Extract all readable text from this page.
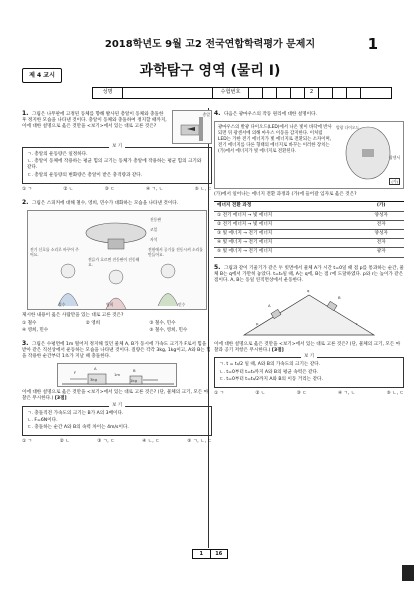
2018학년도 9월 고2 전국연합학력평가 문제지	1
제 4 교시	과학탐구 영역 (물리 Ⅰ)
성명	수험번호	2
1. 그림은 나무판에 고정된 동체를 향해 발사된 총알이 동체와 충돌한 후 정지한 모습을 나타낸 것이다. 충알이 동체와 충돌하여 정지할 때까지, 이에 대한 설명으로 옳은 것만을 <보기>에서 있는 대로 고른 것은?
총알
보 기
ㄱ. 총알의 운동량은 일정하다.
ㄴ. 총알이 동체에 작용하는 평균 힘의 크기는 동체가 총알에 작용하는 평균 힘의 크기와 같다.
ㄷ. 총알의 운동량의 변화량은 총알이 받은 충격량과 같다.
① ㄱ	② ㄴ	③ ㄷ	④ ㄱ, ㄴ	⑤ ㄴ, ㄷ
2. 그림은 스피커에 대해 철수, 영희, 민수가 대화하는 모습을 나타낸 것이다.
진동판
코일
자석
전기 신호를 소리로 바꾸어 주어요.
전류가 흐르면 진동판이 진동해요.
전원에서 공기를 진동시켜 소리를 만들어요.
철수	영희	민수
제시한 내용이 옳은 사람만을 있는 대로 고른 것은?
① 철수	② 영희	③ 철수, 민수
④ 영희, 민수	⑤ 철수, 영희, 민수
3. 그림은 수평면에 1m 떨어져 정지해 있던 물체 A, B가 동시에 가속도 크기가 F로서 힘을 받아 같은 직선상에서 운동하는 모습을 나타낸 것이다. 질량은 각각 3kg, 1kg이고, A와 B는 힘을 작용한 순간부터 1초가 지날 때 충돌한다.
A	B
3kg	1kg
1m
F
이에 대한 설명으로 옳은 것만을 <보기>에서 있는 대로 고른 것은? (단, 물체의 크기, 모든 마찰은 무시한다.) [3점]
보 기
ㄱ. 충돌직전 가속도의 크기는 B가 A의 3배이다.
ㄴ. F=6N이다.
ㄷ. 충돌하는 순간 A와 B의 속력 차이는 4m/s이다.
① ㄱ	② ㄴ	③ ㄱ, ㄷ	④ ㄴ, ㄷ	⑤ ㄱ, ㄴ, ㄷ
4. 다음은 광마우스의 작동 원리에 대한 설명이다.
광마우스의 발광 다이오드(LED)에서 나온 빛이 바닥에 반사되면 뒤 광센서에 의해 마우스 이동을 감지한다. 이처럼 LED는 가한 전기 에너지가 빛 에너지로 전환되는 소자이며, 전기 에너지를 다른 형태의 에너지로 바꾸는 이러한 장치는 (가)에서 에너지가 빛 에너지로 전환된다.
발광 다이오드
광센서
(가)
(가)에서 일어나는 에너지 전환 과정과 (가)에 들어갈 입자로 옳은 것은?
에너지 전환 과정	(가)
① 전기 에너지 → 빛 에너지	양성자
② 전기 에너지 → 빛 에너지	전자
③ 빛 에너지 → 전기 에너지	양성자
④ 빛 에너지 → 전기 에너지	전자
⑤ 빛 에너지 → 전기 에너지	광자
5. 그림과 같이 기울기가 같은 두 빗면에서 물체 A가 시간 t=0일 때 점 p를 통과하는 순간, 물체 B는 q에서 가만히 놓았다. t=t₀일 때, A는 q에, B는 점 r에 도달하였다. p와 r는 높이가 같은 점이다. A, B는 동일 연직면상에서 운동한다.
A
B
p
q
r
이에 대한 설명으로 옳은 것만을 <보기>에서 있는 대로 고른 것은? (단, 물체의 크기, 모든 마찰과 공기 저항은 무시한다.) [3점]
보 기
ㄱ. t = t₀/2 일 때, A와 B의 가속도의 크기는 같다.
ㄴ. t=0부터 t=t₀까지 A와 B의 평균 속력은 같다.
ㄷ. t=0부터 t=t₀/2까지 A와 B의 이동 거리는 같다.
① ㄱ	② ㄴ	③ ㄷ	④ ㄱ, ㄴ	⑤ ㄴ, ㄷ
1	16
